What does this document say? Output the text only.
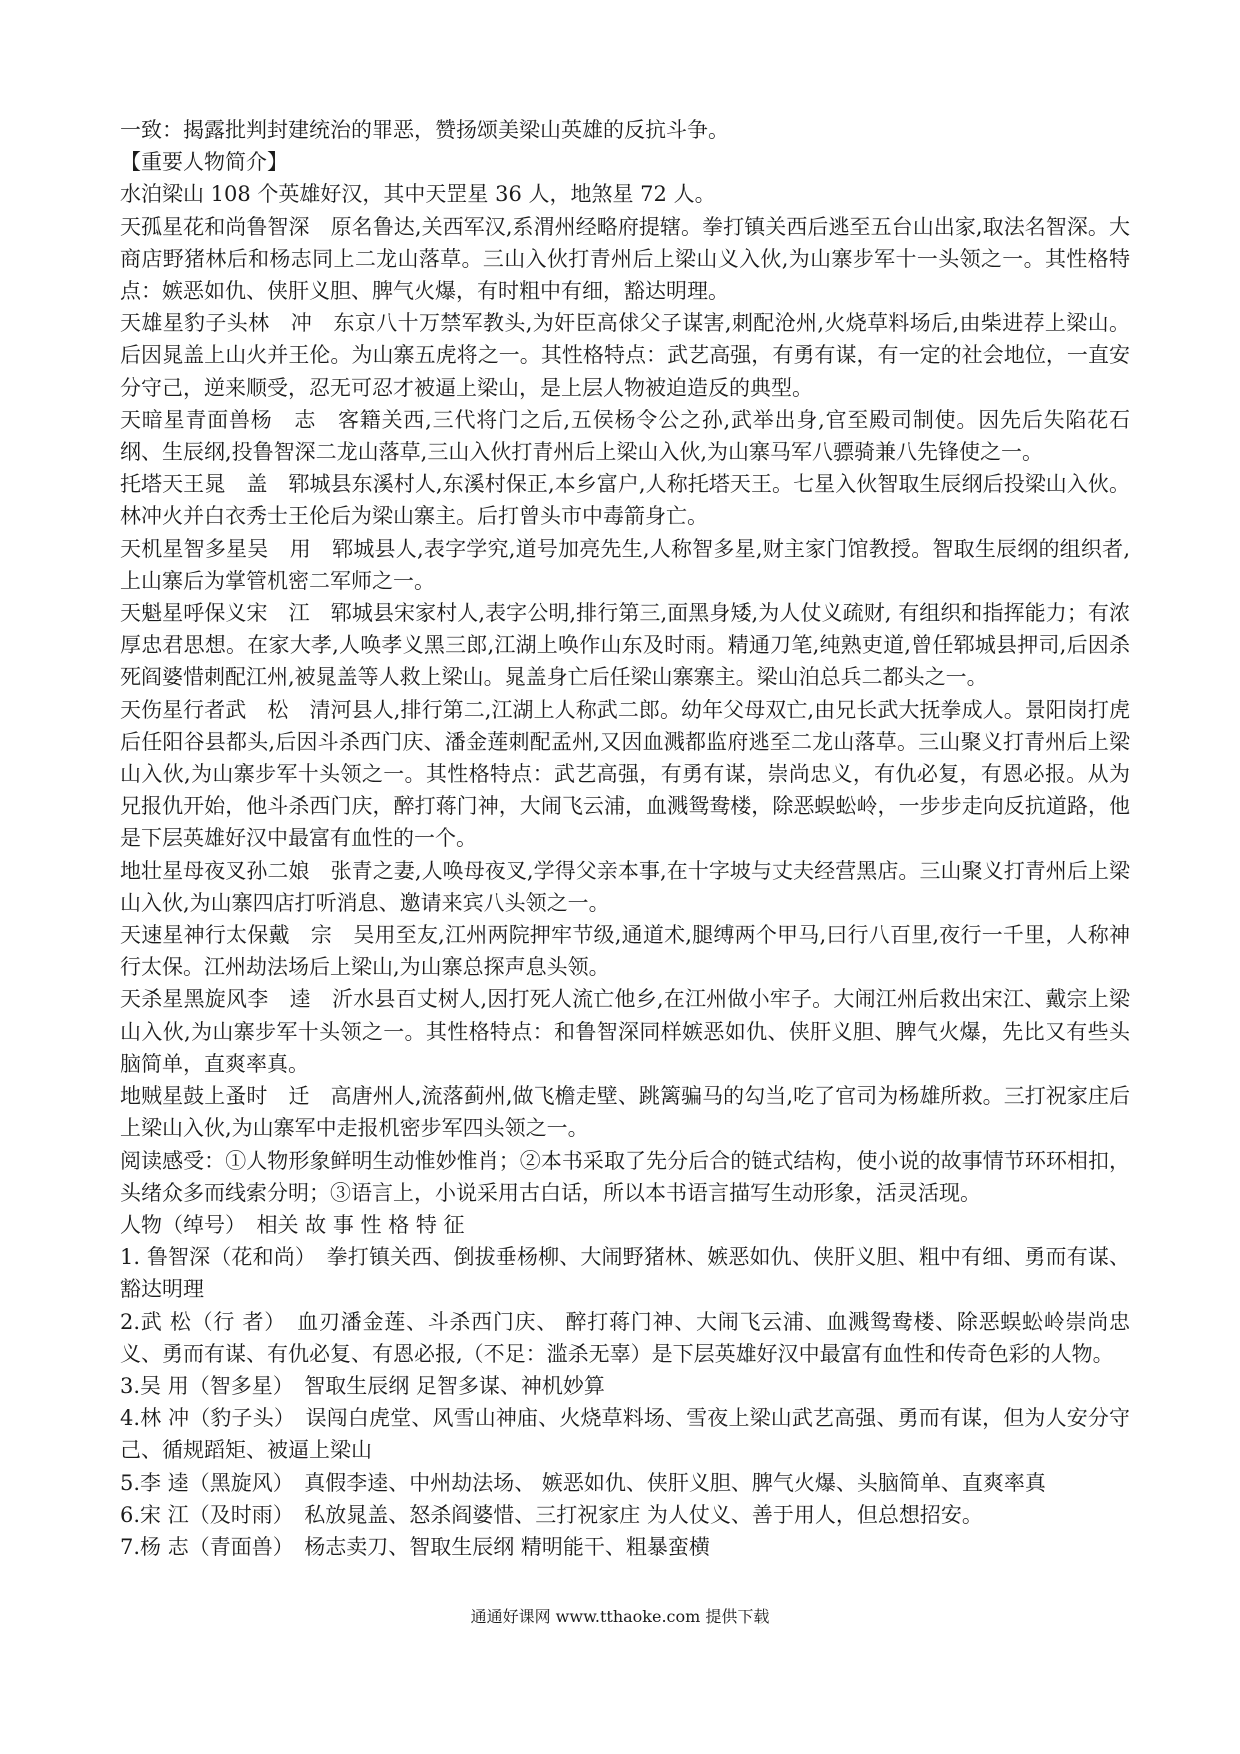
一致：揭露批判封建统治的罪恶，赞扬颂美梁山英雄的反抗斗争。

【重要人物简介】

水泊梁山 108 个英雄好汉，其中天罡星 36 人，地煞星 72 人。

天孤星花和尚鲁智深　原名鲁达,关西军汉,系渭州经略府提辖。拳打镇关西后逃至五台山出家,取法名智深。大商店野猪林后和杨志同上二龙山落草。三山入伙打青州后上梁山义入伙,为山寨步军十一头领之一。其性格特点：嫉恶如仇、侠肝义胆、脾气火爆，有时粗中有细，豁达明理。

天雄星豹子头林　冲　东京八十万禁军教头,为奸臣高俅父子谋害,刺配沧州,火烧草料场后,由柴进荐上梁山。后因晁盖上山火并王伦。为山寨五虎将之一。其性格特点：武艺高强，有勇有谋，有一定的社会地位，一直安分守己，逆来顺受，忍无可忍才被逼上梁山，是上层人物被迫造反的典型。

天暗星青面兽杨　志　客籍关西,三代将门之后,五侯杨令公之孙,武举出身,官至殿司制使。因先后失陷花石纲、生辰纲,投鲁智深二龙山落草,三山入伙打青州后上梁山入伙,为山寨马军八骠骑兼八先锋使之一。

托塔天王晁　盖　郓城县东溪村人,东溪村保正,本乡富户,人称托塔天王。七星入伙智取生辰纲后投梁山入伙。林冲火并白衣秀士王伦后为梁山寨主。后打曾头市中毒箭身亡。

天机星智多星吴　用　郓城县人,表字学究,道号加亮先生,人称智多星,财主家门馆教授。智取生辰纲的组织者,上山寨后为掌管机密二军师之一。

天魁星呼保义宋　江　郓城县宋家村人,表字公明,排行第三,面黑身矮,为人仗义疏财, 有组织和指挥能力；有浓厚忠君思想。在家大孝,人唤孝义黑三郎,江湖上唤作山东及时雨。精通刀笔,纯熟吏道,曾任郓城县押司,后因杀死阎婆惜刺配江州,被晁盖等人救上梁山。晁盖身亡后任梁山寨寨主。梁山泊总兵二都头之一。

天伤星行者武　松　清河县人,排行第二,江湖上人称武二郎。幼年父母双亡,由兄长武大抚拳成人。景阳岗打虎后任阳谷县都头,后因斗杀西门庆、潘金莲刺配孟州,又因血溅都监府逃至二龙山落草。三山聚义打青州后上梁山入伙,为山寨步军十头领之一。其性格特点：武艺高强，有勇有谋，崇尚忠义，有仇必复，有恩必报。从为兄报仇开始，他斗杀西门庆，醉打蒋门神，大闹飞云浦，血溅鸳鸯楼，除恶蜈蚣岭，一步步走向反抗道路，他是下层英雄好汉中最富有血性的一个。

地壮星母夜叉孙二娘　张青之妻,人唤母夜叉,学得父亲本事,在十字坡与丈夫经营黑店。三山聚义打青州后上梁山入伙,为山寨四店打听消息、邀请来宾八头领之一。

天速星神行太保戴　宗　吴用至友,江州两院押牢节级,通道术,腿缚两个甲马,曰行八百里,夜行一千里，人称神行太保。江州劫法场后上梁山,为山寨总探声息头领。

天杀星黑旋风李　逵　沂水县百丈树人,因打死人流亡他乡,在江州做小牢子。大闹江州后救出宋江、戴宗上梁山入伙,为山寨步军十头领之一。其性格特点：和鲁智深同样嫉恶如仇、侠肝义胆、脾气火爆，先比又有些头脑简单，直爽率真。

地贼星鼓上蚤时　迁　高唐州人,流落蓟州,做飞檐走壁、跳篱骗马的勾当,吃了官司为杨雄所救。三打祝家庄后上梁山入伙,为山寨军中走报机密步军四头领之一。

阅读感受：①人物形象鲜明生动惟妙惟肖；②本书采取了先分后合的链式结构，使小说的故事情节环环相扣，头绪众多而线索分明；③语言上，小说采用古白话，所以本书语言描写生动形象，活灵活现。

人物（绰号）　相关 故 事 性 格 特 征

1. 鲁智深（花和尚）　拳打镇关西、倒拔垂杨柳、大闹野猪林、嫉恶如仇、侠肝义胆、粗中有细、勇而有谋、豁达明理

2.武 松（行 者）　血刃潘金莲、斗杀西门庆、 醉打蒋门神、大闹飞云浦、血溅鸳鸯楼、除恶蜈蚣岭崇尚忠义、勇而有谋、有仇必复、有恩必报,（不足：滥杀无辜）是下层英雄好汉中最富有血性和传奇色彩的人物。

3.吴 用（智多星）　智取生辰纲 足智多谋、神机妙算

4.林 冲（豹子头）　误闯白虎堂、风雪山神庙、火烧草料场、雪夜上梁山武艺高强、勇而有谋，但为人安分守己、循规蹈矩、被逼上梁山

5.李 逵（黑旋风）　真假李逵、中州劫法场、 嫉恶如仇、侠肝义胆、脾气火爆、头脑简单、直爽率真

6.宋 江（及时雨）　私放晁盖、怒杀阎婆惜、三打祝家庄 为人仗义、善于用人，但总想招安。

7.杨 志（青面兽）　杨志卖刀、智取生辰纲 精明能干、粗暴蛮横

通通好课网 www.tthaoke.com 提供下载
